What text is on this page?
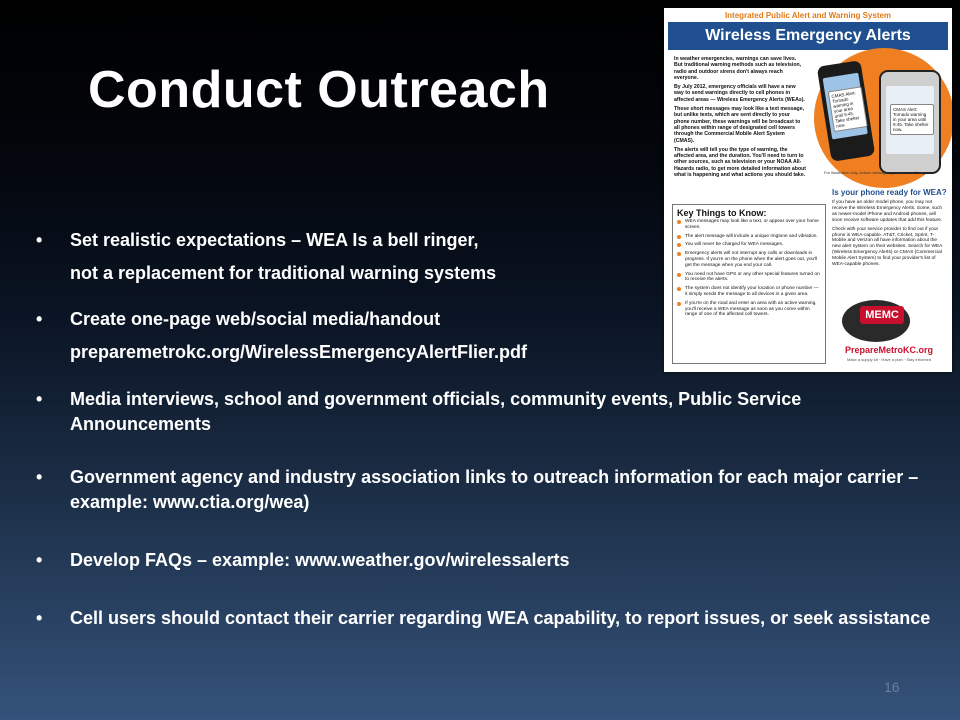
Conduct Outreach
• Set realistic expectations – WEA Is a bell ringer,
not a replacement for traditional warning systems
• Create one-page web/social media/handout
preparemetrokc.org/WirelessEmergencyAlertFlier.pdf
• Media interviews, school and government officials, community events, Public Service Announcements
• Government agency and industry association links to outreach information for each major carrier – example: www.ctia.org/wea)
• Develop FAQs – example: www.weather.gov/wirelessalerts
• Cell users should contact their carrier regarding WEA capability, to report issues, or seek assistance
16
Integrated Public Alert and Warning System
Wireless Emergency Alerts

In weather emergencies, warnings can save lives. But traditional warning methods such as television, radio and outdoor sirens don't always reach everyone.

By July 2012, emergency officials will have a new way to send warnings directly to cell phones in affected areas — Wireless Emergency Alerts (WEAs).

These short messages may look like a text message, but unlike texts, which are sent directly to your phone number, these warnings will be broadcast to all phones within range of designated cell towers through the Commercial Mobile Alert System (CMAS).

The alerts will tell you the type of warning, the affected area, and the duration. You'll need to turn to other sources, such as television or your NOAA All-Hazards radio, to get more detailed information about what is happening and what actions you should take.

CMAS Alert: Tornado warning in your area until 9:45. Take shelter now.
CMAS Alert: Tornado warning in your area until 9:45. Take shelter now.
For illustration only. Actual message appearance will vary.
Key Things to Know:
WEA messages may look like a text, or appear over your home screen.
The alert message will include a unique ringtone and vibration.
You will never be charged for WEA messages.
Emergency alerts will not interrupt any calls or downloads in progress. If you're on the phone when the alert goes out, you'll get the message when you end your call.
You need not have GPS or any other special features turned on to receive the alerts.
The system does not identify your location or phone number — it simply sends the message to all devices in a given area.
If you're on the road and enter an area with an active warning, you'll receive a WEA message as soon as you come within range of one of the affected cell towers.
Is your phone ready for WEA?

If you have an older model phone, you may not receive the Wireless Emergency Alerts. Some, such as newer-model iPhone and Android phones, will soon receive software updates that add this feature.

Check with your service provider to find out if your phone is WEA-capable. AT&T, Cricket, Sprint, T-Mobile and Verizon all have information about the new alert system on their websites. Search for WEA (Wireless Emergency Alerts) or CMAS (Commercial Mobile Alert System) to find your provider's list of WEA-capable phones.

MEMC
PrepareMetroKC.org
Make a supply kit · Have a plan · Stay informed
